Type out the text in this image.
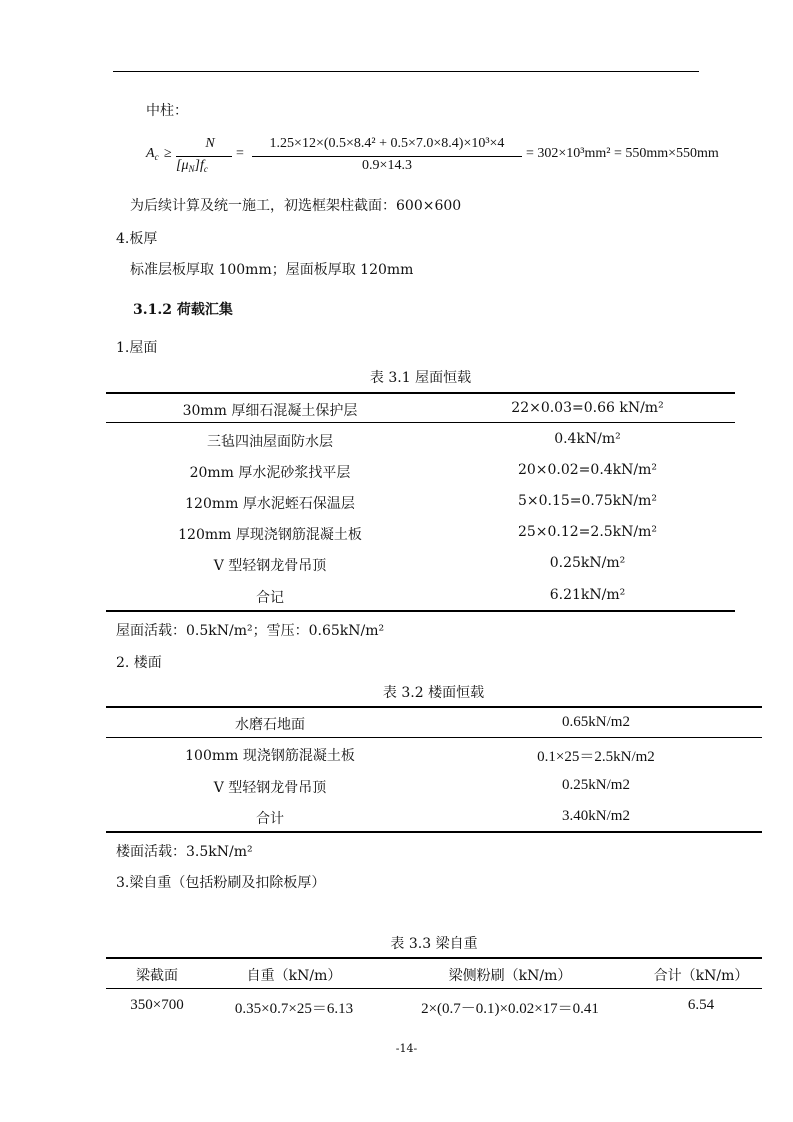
中柱：
$A_c$ ≥
N
$[\mu_N]f_c$
=
1.25×12×(0.5×8.4² + 0.5×7.0×8.4)×10³×4
0.9×14.3
= 302×10³mm² = 550mm×550mm
为后续计算及统一施工，初选框架柱截面：600×600
4.板厚
标准层板厚取 100mm；屋面板厚取 120mm
3.1.2 荷载汇集
1.屋面
表 3.1 屋面恒载
30mm 厚细石混凝土保护层	22×0.03=0.66 kN/m²
三毡四油屋面防水层	0.4kN/m²
20mm 厚水泥砂浆找平层	20×0.02=0.4kN/m²
120mm 厚水泥蛭石保温层	5×0.15=0.75kN/m²
120mm 厚现浇钢筋混凝土板	25×0.12=2.5kN/m²
V 型轻钢龙骨吊顶	0.25kN/m²
合记	6.21kN/m²
屋面活载：0.5kN/m²；雪压：0.65kN/m²
2. 楼面
表 3.2 楼面恒载
水磨石地面	0.65kN/m2
100mm 现浇钢筋混凝土板	0.1×25＝2.5kN/m2
V 型轻钢龙骨吊顶	0.25kN/m2
合计	3.40kN/m2
楼面活载：3.5kN/m²
3.梁自重（包括粉刷及扣除板厚）
表 3.3 梁自重
梁截面	自重（kN/m）	梁侧粉刷（kN/m）	合计（kN/m）
350×700	0.35×0.7×25＝6.13	2×(0.7－0.1)×0.02×17＝0.41	6.54
-14-
